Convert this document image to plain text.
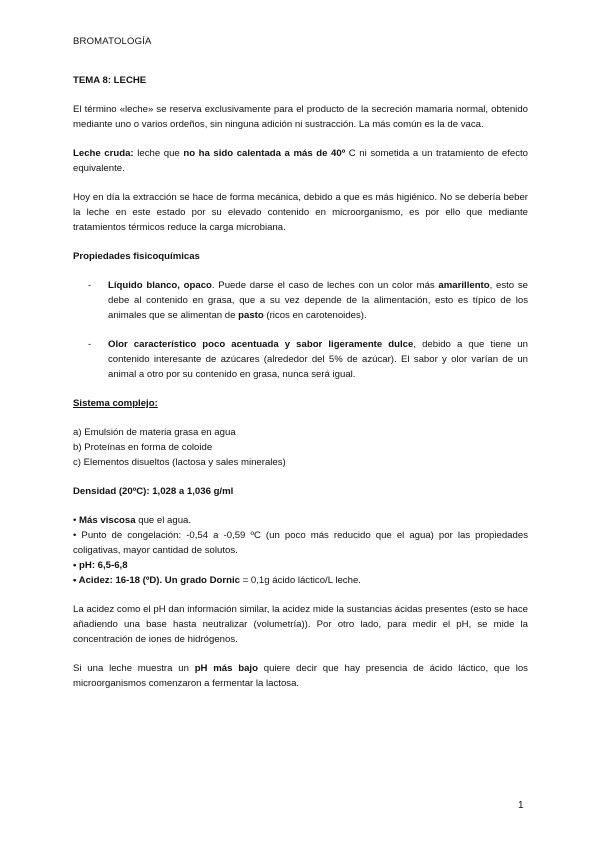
BROMATOLOGÍA

TEMA 8: LECHE

El término «leche» se reserva exclusivamente para el producto de la secreción mamaria normal, obtenido mediante uno o varios ordeños, sin ninguna adición ni sustracción. La más común es la de vaca.

Leche cruda: leche que no ha sido calentada a más de 40º C ni sometida a un tratamiento de efecto equivalente.

Hoy en día la extracción se hace de forma mecánica, debido a que es más higiénico. No se debería beber la leche en este estado por su elevado contenido en microorganismo, es por ello que mediante tratamientos térmicos reduce la carga microbiana.

Propiedades fisicoquímicas

-	Líquido blanco, opaco. Puede darse el caso de leches con un color más amarillento, esto se debe al contenido en grasa, que a su vez depende de la alimentación, esto es típico de los animales que se alimentan de pasto (ricos en carotenoides).
-	Olor característico poco acentuada y sabor ligeramente dulce, debido a que tiene un contenido interesante de azúcares (alrededor del 5% de azúcar). El sabor y olor varían de un animal a otro por su contenido en grasa, nunca será igual.

Sistema complejo:

a) Emulsión de materia grasa en agua

b) Proteínas en forma de coloide

c) Elementos disueltos (lactosa y sales minerales)

Densidad (20ºC): 1,028 a 1,036 g/ml

• Más viscosa que el agua.

• Punto de congelación: -0,54 a -0,59 ºC (un poco más reducido que el agua) por las propiedades coligativas, mayor cantidad de solutos.

• pH: 6,5-6,8

• Acidez: 16-18 (ºD). Un grado Dornic = 0,1g ácido láctico/L leche.

La acidez como el pH dan información similar, la acidez mide la sustancias ácidas presentes (esto se hace añadiendo una base hasta neutralizar (volumetría)). Por otro lado, para medir el pH, se mide la concentración de iones de hidrógenos.

Si una leche muestra un pH más bajo quiere decir que hay presencia de ácido láctico, que los microorganismos comenzaron a fermentar la lactosa.

1
